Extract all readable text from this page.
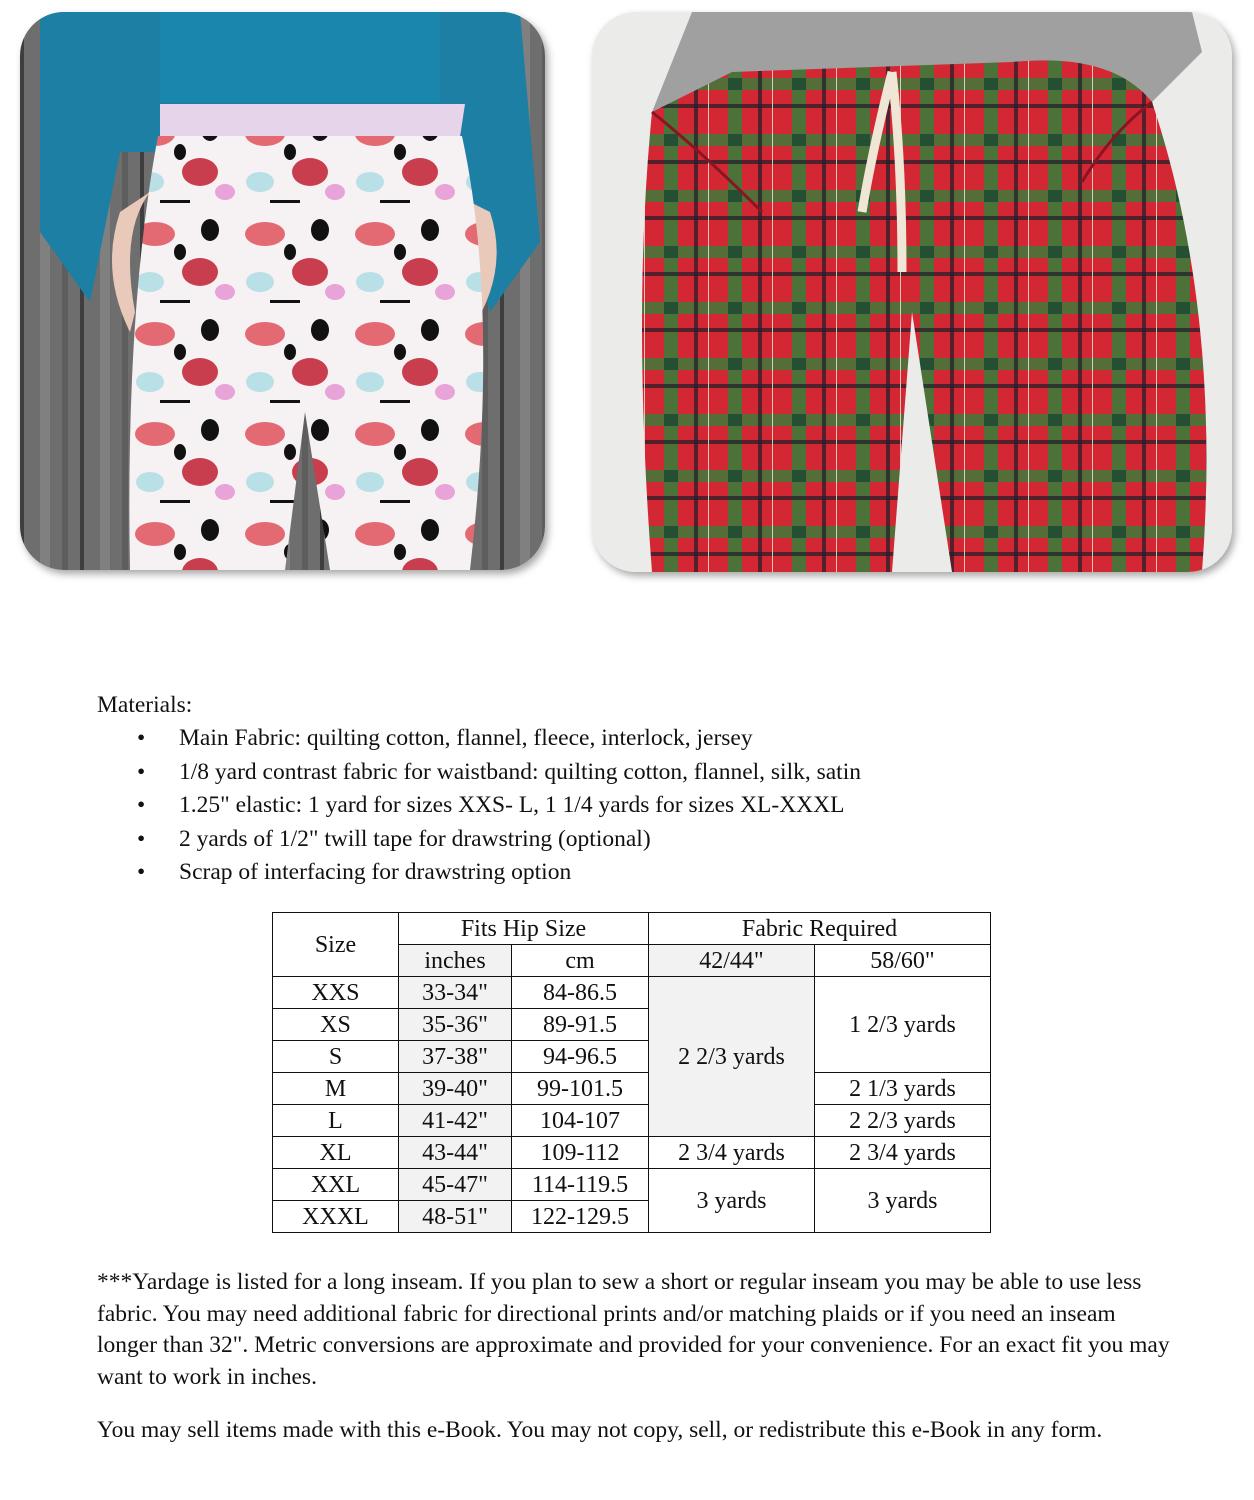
Materials:
• Main Fabric: quilting cotton, flannel, fleece, interlock, jersey
• 1/8 yard contrast fabric for waistband: quilting cotton, flannel, silk, satin
• 1.25" elastic: 1 yard for sizes XXS- L, 1 1/4 yards for sizes XL-XXXL
• 2 yards of 1/2" twill tape for drawstring (optional)
• Scrap of interfacing for drawstring option
Size	Fits Hip Size		Fabric Required	
	inches	cm	42/44"	58/60"
XXS	33-34"	84-86.5	2 2/3 yards	1 2/3 yards
XS	35-36"	89-91.5		
S	37-38"	94-96.5		
M	39-40"	99-101.5		2 1/3 yards
L	41-42"	104-107		2 2/3 yards
XL	43-44"	109-112	2 3/4 yards	2 3/4 yards
XXL	45-47"	114-119.5	3 yards	3 yards
XXXL	48-51"	122-129.5		
***Yardage is listed for a long inseam. If you plan to sew a short or regular inseam you may be able to use less fabric. You may need additional fabric for directional prints and/or matching plaids or if you need an inseam longer than 32". Metric conversions are approximate and provided for your convenience. For an exact fit you may want to work in inches.
You may sell items made with this e-Book. You may not copy, sell, or redistribute this e-Book in any form.
